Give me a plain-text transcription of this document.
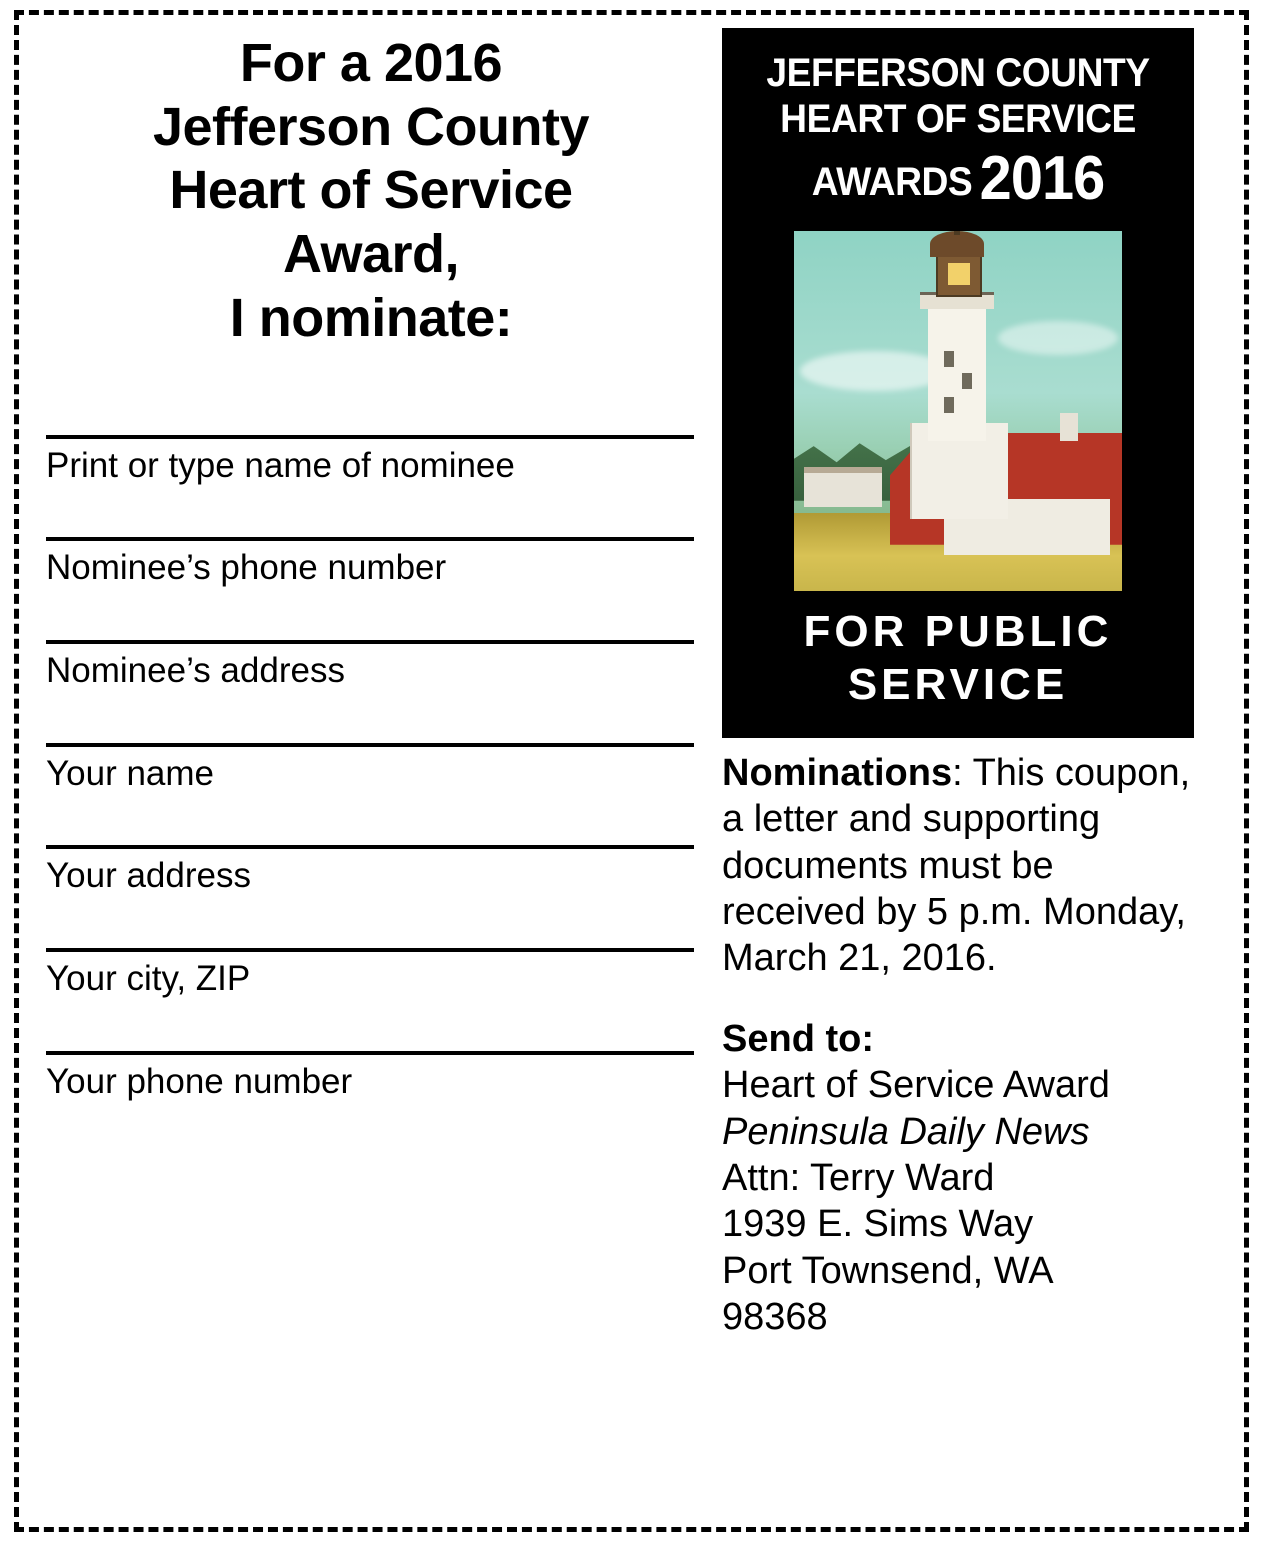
For a 2016
Jefferson County
Heart of Service
Award,
I nominate:
Print or type name of nominee
Nominee’s phone number
Nominee’s address
Your name
Your address
Your city, ZIP
Your phone number
JEFFERSON COUNTY
HEART OF SERVICE
AWARDS 2016
FOR PUBLIC
SERVICE

Nominations: This coupon, a letter and supporting documents must be received by 5 p.m. Monday, March 21, 2016.

Send to:

Heart of Service Award

Peninsula Daily News

Attn: Terry Ward

1939 E. Sims Way

Port Townsend, WA

98368
